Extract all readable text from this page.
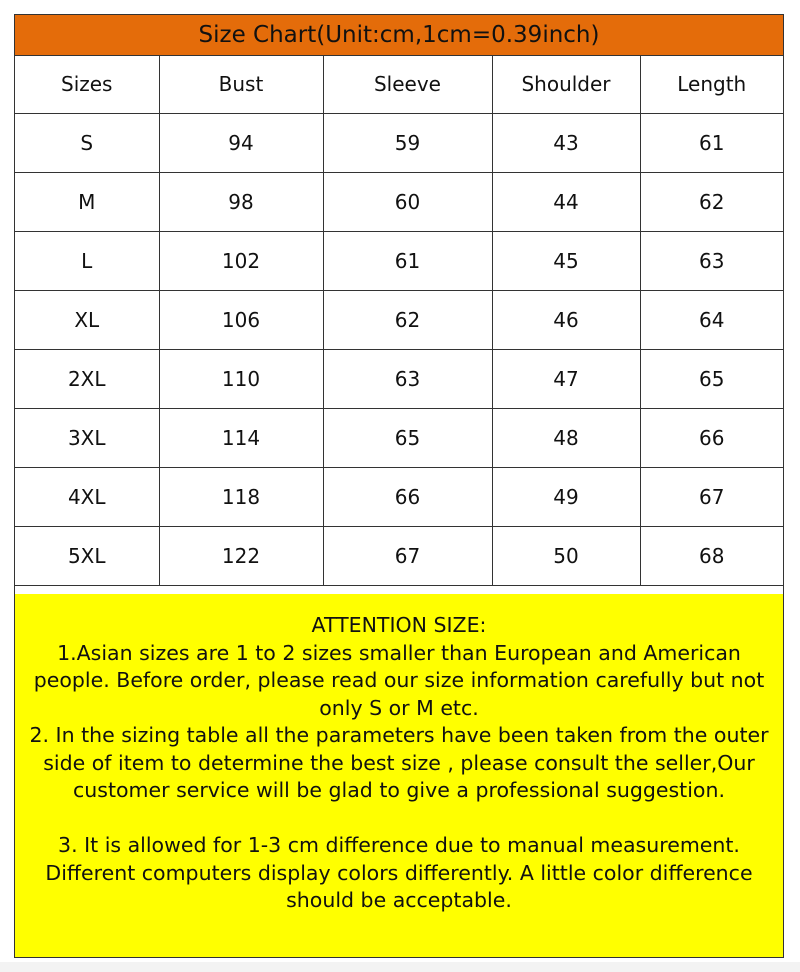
Size Chart(Unit:cm,1cm=0.39inch)
Sizes	Bust	Sleeve	Shoulder	Length
S	94	59	43	61
M	98	60	44	62
L	102	61	45	63
XL	106	62	46	64
2XL	110	63	47	65
3XL	114	65	48	66
4XL	118	66	49	67
5XL	122	67	50	68

ATTENTION SIZE:

1.Asian sizes are 1 to 2 sizes smaller than European and American people. Before order, please read our size information carefully but not only S or M etc.

2. In the sizing table all the parameters have been taken from the outer side of item to determine the best size , please consult the seller,Our customer service will be glad to give a professional suggestion.

3. It is allowed for 1-3 cm difference due to manual measurement. Different computers display colors differently. A little color difference should be acceptable.
